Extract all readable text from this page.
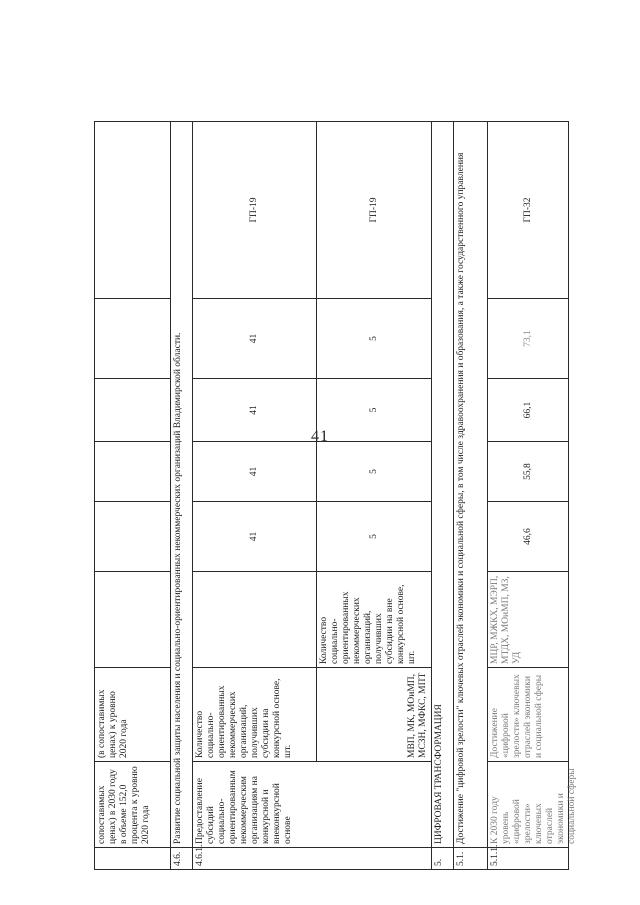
41
сопоставимых ценах) в 2030 году в объеме 152,0 процента к уровню 2020 года
(в сопоставимых ценах) к уровню 2020 года
4.6.
Развитие социальной защиты населения и социально-ориентированных некоммерческих организаций Владимирской области.
4.6.1.
Предоставление субсидий социально-ориентированным некоммерческим организациям на конкурсной и внеконкурсной основе
Количество социально-ориентированных некоммерческих организаций, получивших субсидии на конкурсной основе, шт.
41
41
41
41
ГП-19
Количество социально-ориентированных некоммерческих организаций, получивших субсидии на вне конкурсной основе, шт.
МВП, МК, МОиМП, МСЗН, МФКС, МПТ
5
5
5
5
ГП-19
5.
ЦИФРОВАЯ ТРАНСФОРМАЦИЯ
5.1.
Достижение "цифровой зрелости" ключевых отраслей экономики и социальной сферы, в том числе здравоохранения и образования, а также государственного управления
5.1.1.
К 2030 году уровень «цифровой зрелости» ключевых отраслей экономики и социальной сферы
Достижение «цифровой зрелости» ключевых отраслей экономики и социальной сферы
МЦР, МЖКХ, МЭРП, МТДХ, МОиМП, МЗ, УД
46,6
55,8
66,1
73,1
ГП-32
